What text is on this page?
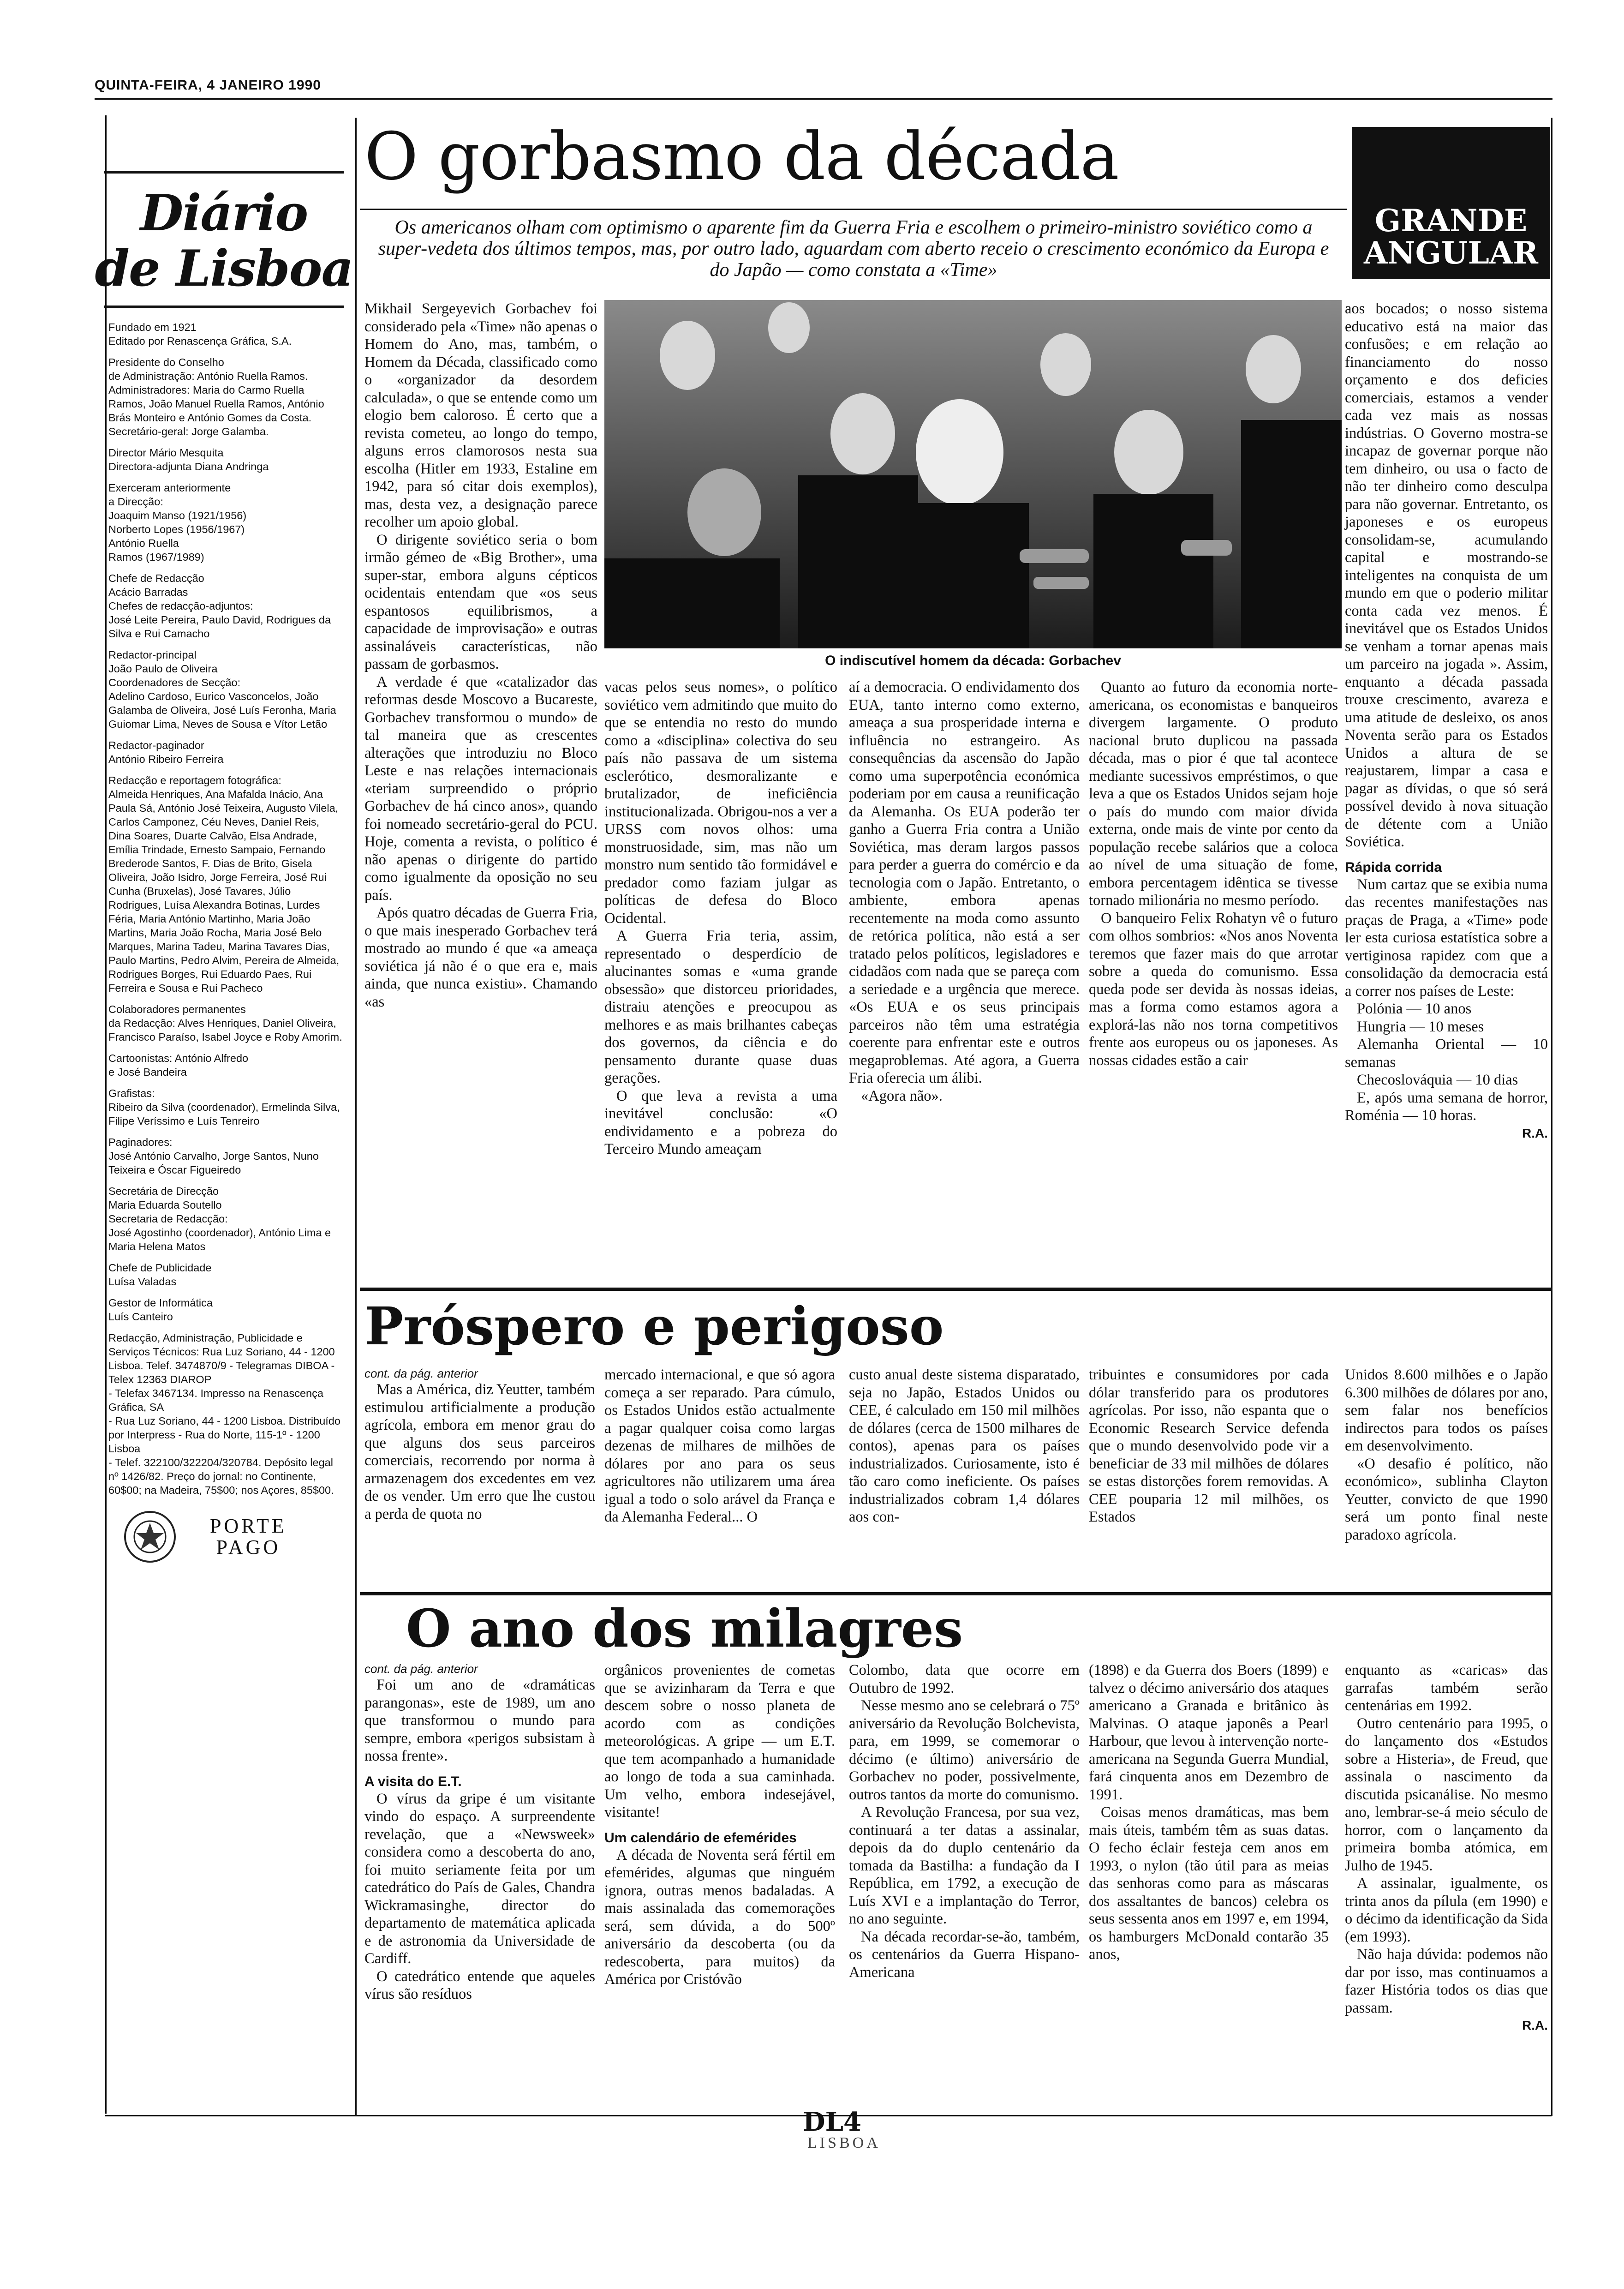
QUINTA-FEIRA, 4 JANEIRO 1990
Diário
de Lisboa

Fundado em 1921
Editado por Renascença Gráfica, S.A.

Presidente do Conselho
de Administração: António Ruella Ramos.
Administradores: Maria do Carmo Ruella Ramos, João Manuel Ruella Ramos, António Brás Monteiro e António Gomes da Costa.
Secretário-geral: Jorge Galamba.

Director Mário Mesquita
Directora-adjunta Diana Andringa

Exerceram anteriormente
a Direcção:
Joaquim Manso (1921/1956)
Norberto Lopes (1956/1967)
António Ruella
Ramos (1967/1989)

Chefe de Redacção
Acácio Barradas
Chefes de redacção-adjuntos:
José Leite Pereira, Paulo David, Rodrigues da Silva e Rui Camacho

Redactor-principal
João Paulo de Oliveira
Coordenadores de Secção:
Adelino Cardoso, Eurico Vasconcelos, João Galamba de Oliveira, José Luís Feronha, Maria Guiomar Lima, Neves de Sousa e Vítor Letão

Redactor-paginador
António Ribeiro Ferreira

Redacção e reportagem fotográfica:
Almeida Henriques, Ana Mafalda Inácio, Ana Paula Sá, António José Teixeira, Augusto Vilela, Carlos Camponez, Céu Neves, Daniel Reis, Dina Soares, Duarte Calvão, Elsa Andrade, Emília Trindade, Ernesto Sampaio, Fernando Brederode Santos, F. Dias de Brito, Gisela Oliveira, João Isidro, Jorge Ferreira, José Rui Cunha (Bruxelas), José Tavares, Júlio Rodrigues, Luísa Alexandra Botinas, Lurdes Féria, Maria António Martinho, Maria João Martins, Maria João Rocha, Maria José Belo Marques, Marina Tadeu, Marina Tavares Dias, Paulo Martins, Pedro Alvim, Pereira de Almeida, Rodrigues Borges, Rui Eduardo Paes, Rui Ferreira e Sousa e Rui Pacheco

Colaboradores permanentes
da Redacção: Alves Henriques, Daniel Oliveira, Francisco Paraíso, Isabel Joyce e Roby Amorim.

Cartoonistas: António Alfredo
e José Bandeira

Grafistas:
Ribeiro da Silva (coordenador), Ermelinda Silva, Filipe Veríssimo e Luís Tenreiro

Paginadores:
José António Carvalho, Jorge Santos, Nuno Teixeira e Óscar Figueiredo

Secretária de Direcção
Maria Eduarda Soutello
Secretaria de Redacção:
José Agostinho (coordenador), António Lima e Maria Helena Matos

Chefe de Publicidade
Luísa Valadas

Gestor de Informática
Luís Canteiro

Redacção, Administração, Publicidade e Serviços Técnicos: Rua Luz Soriano, 44 - 1200 Lisboa. Telef. 3474870/9 - Telegramas DIBOA - Telex 12363 DIAROP
- Telefax 3467134. Impresso na Renascença Gráfica, SA
- Rua Luz Soriano, 44 - 1200 Lisboa. Distribuído por Interpress - Rua do Norte, 115-1º - 1200 Lisboa
- Telef. 322100/322204/320784. Depósito legal nº 1426/82. Preço do jornal: no Continente, 60$00; na Madeira, 75$00; nos Açores, 85$00.

PORTE
PAGO
O gorbasmo da década
GRANDE
ANGULAR
Os americanos olham com optimismo o aparente fim da Guerra Fria e escolhem o primeiro-ministro soviético como a super-vedeta dos últimos tempos, mas, por outro lado, aguardam com aberto receio o crescimento económico da Europa e do Japão — como constata a «Time»

Mikhail Sergeyevich Gorbachev foi considerado pela «Time» não apenas o Homem do Ano, mas, também, o Homem da Década, classificado como o «organizador da desordem calculada», o que se entende como um elogio bem caloroso. É certo que a revista cometeu, ao longo do tempo, alguns erros clamorosos nesta sua escolha (Hitler em 1933, Estaline em 1942, para só citar dois exemplos), mas, desta vez, a designação parece recolher um apoio global.

O dirigente soviético seria o bom irmão gémeo de «Big Brother», uma super-star, embora alguns cépticos ocidentais entendam que «os seus espantosos equilibrismos, a capacidade de improvisação» e outras assinaláveis características, não passam de gorbasmos.

A verdade é que «catalizador das reformas desde Moscovo a Bucareste, Gorbachev transformou o mundo» de tal maneira que as crescentes alterações que introduziu no Bloco Leste e nas relações internacionais «teriam surpreendido o próprio Gorbachev de há cinco anos», quando foi nomeado secretário-geral do PCU. Hoje, comenta a revista, o político é não apenas o dirigente do partido como igualmente da oposição no seu país.

Após quatro décadas de Guerra Fria, o que mais inesperado Gorbachev terá mostrado ao mundo é que «a ameaça soviética já não é o que era e, mais ainda, que nunca existiu». Chamando «as

O indiscutível homem da década: Gorbachev

vacas pelos seus nomes», o político soviético vem admitindo que muito do que se entendia no resto do mundo como a «disciplina» colectiva do seu país não passava de um sistema esclerótico, desmoralizante e brutalizador, de ineficiência institucionalizada. Obrigou-nos a ver a URSS com novos olhos: uma monstruosidade, sim, mas não um monstro num sentido tão formidável e predador como faziam julgar as políticas de defesa do Bloco Ocidental.

A Guerra Fria teria, assim, representado o desperdício de alucinantes somas e «uma grande obsessão» que distorceu prioridades, distraiu atenções e preocupou as melhores e as mais brilhantes cabeças dos governos, da ciência e do pensamento durante quase duas gerações.

O que leva a revista a uma inevitável conclusão: «O endividamento e a pobreza do Terceiro Mundo ameaçam

aí a democracia. O endividamento dos EUA, tanto interno como externo, ameaça a sua prosperidade interna e influência no estrangeiro. As consequências da ascensão do Japão como uma superpotência económica poderiam por em causa a reunificação da Alemanha. Os EUA poderão ter ganho a Guerra Fria contra a União Soviética, mas deram largos passos para perder a guerra do comércio e da tecnologia com o Japão. Entretanto, o ambiente, embora apenas recentemente na moda como assunto de retórica política, não está a ser tratado pelos políticos, legisladores e cidadãos com nada que se pareça com a seriedade e a urgência que merece. «Os EUA e os seus principais parceiros não têm uma estratégia coerente para enfrentar este e outros megaproblemas. Até agora, a Guerra Fria oferecia um álibi.

«Agora não».

Quanto ao futuro da economia norte-americana, os economistas e banqueiros divergem largamente. O produto nacional bruto duplicou na passada década, mas o pior é que tal acontece mediante sucessivos empréstimos, o que leva a que os Estados Unidos sejam hoje o país do mundo com maior dívida externa, onde mais de vinte por cento da população recebe salários que a coloca ao nível de uma situação de fome, embora percentagem idêntica se tivesse tornado milionária no mesmo período.

O banqueiro Felix Rohatyn vê o futuro com olhos sombrios: «Nos anos Noventa teremos que fazer mais do que arrotar sobre a queda do comunismo. Essa queda pode ser devida às nossas ideias, mas a forma como estamos agora a explorá-las não nos torna competitivos frente aos europeus ou os japoneses. As nossas cidades estão a cair

aos bocados; o nosso sistema educativo está na maior das confusões; e em relação ao financiamento do nosso orçamento e dos deficies comerciais, estamos a vender cada vez mais as nossas indústrias. O Governo mostra-se incapaz de governar porque não tem dinheiro, ou usa o facto de não ter dinheiro como desculpa para não governar. Entretanto, os japoneses e os europeus consolidam-se, acumulando capital e mostrando-se inteligentes na conquista de um mundo em que o poderio militar conta cada vez menos. É inevitável que os Estados Unidos se venham a tornar apenas mais um parceiro na jogada ». Assim, enquanto a década passada trouxe crescimento, avareza e uma atitude de desleixo, os anos Noventa serão para os Estados Unidos a altura de se reajustarem, limpar a casa e pagar as dívidas, o que só será possível devido à nova situação de détente com a União Soviética.

Rápida corrida

Num cartaz que se exibia numa das recentes manifestações nas praças de Praga, a «Time» pode ler esta curiosa estatística sobre a vertiginosa rapidez com que a consolidação da democracia está a correr nos países de Leste:

Polónia — 10 anos

Hungria — 10 meses

Alemanha Oriental — 10 semanas

Checoslováquia — 10 dias

E, após uma semana de horror, Roménia — 10 horas.

R.A.

Próspero e perigoso

cont. da pág. anterior

Mas a América, diz Yeutter, também estimulou artificialmente a produção agrícola, embora em menor grau do que alguns dos seus parceiros comerciais, recorrendo por norma à armazenagem dos excedentes em vez de os vender. Um erro que lhe custou a perda de quota no

mercado internacional, e que só agora começa a ser reparado. Para cúmulo, os Estados Unidos estão actualmente a pagar qualquer coisa como largas dezenas de milhares de milhões de dólares por ano para os seus agricultores não utilizarem uma área igual a todo o solo arável da França e da Alemanha Federal... O

custo anual deste sistema disparatado, seja no Japão, Estados Unidos ou CEE, é calculado em 150 mil milhões de dólares (cerca de 1500 milhares de contos), apenas para os países industrializados. Curiosamente, isto é tão caro como ineficiente. Os países industrializados cobram 1,4 dólares aos con-

tribuintes e consumidores por cada dólar transferido para os produtores agrícolas. Por isso, não espanta que o Economic Research Service defenda que o mundo desenvolvido pode vir a beneficiar de 33 mil milhões de dólares se estas distorções forem removidas. A CEE pouparia 12 mil milhões, os Estados

Unidos 8.600 milhões e o Japão 6.300 milhões de dólares por ano, sem falar nos benefícios indirectos para todos os países em desenvolvimento.

«O desafio é político, não económico», sublinha Clayton Yeutter, convicto de que 1990 será um ponto final neste paradoxo agrícola.

O ano dos milagres

cont. da pág. anterior

Foi um ano de «dramáticas parangonas», este de 1989, um ano que transformou o mundo para sempre, embora «perigos subsistam à nossa frente».

A visita do E.T.

O vírus da gripe é um visitante vindo do espaço. A surpreendente revelação, que a «Newsweek» considera como a descoberta do ano, foi muito seriamente feita por um catedrático do País de Gales, Chandra Wickramasinghe, director do departamento de matemática aplicada e de astronomia da Universidade de Cardiff.

O catedrático entende que aqueles vírus são resíduos

orgânicos provenientes de cometas que se avizinharam da Terra e que descem sobre o nosso planeta de acordo com as condições meteorológicas. A gripe — um E.T. que tem acompanhado a humanidade ao longo de toda a sua caminhada. Um velho, embora indesejável, visitante!

Um calendário de efemérides

A década de Noventa será fértil em efemérides, algumas que ninguém ignora, outras menos badaladas. A mais assinalada das comemorações será, sem dúvida, a do 500º aniversário da descoberta (ou da redescoberta, para muitos) da América por Cristóvão

Colombo, data que ocorre em Outubro de 1992.

Nesse mesmo ano se celebrará o 75º aniversário da Revolução Bolchevista, para, em 1999, se comemorar o décimo (e último) aniversário de Gorbachev no poder, possivelmente, outros tantos da morte do comunismo.

A Revolução Francesa, por sua vez, continuará a ter datas a assinalar, depois da do duplo centenário da tomada da Bastilha: a fundação da I República, em 1792, a execução de Luís XVI e a implantação do Terror, no ano seguinte.

Na década recordar-se-ão, também, os centenários da Guerra Hispano-Americana

(1898) e da Guerra dos Boers (1899) e talvez o décimo aniversário dos ataques americano a Granada e britânico às Malvinas. O ataque japonês a Pearl Harbour, que levou à intervenção norte-americana na Segunda Guerra Mundial, fará cinquenta anos em Dezembro de 1991.

Coisas menos dramáticas, mas bem mais úteis, também têm as suas datas. O fecho éclair festeja cem anos em 1993, o nylon (tão útil para as meias das senhoras como para as máscaras dos assaltantes de bancos) celebra os seus sessenta anos em 1997 e, em 1994, os hamburgers McDonald contarão 35 anos,

enquanto as «caricas» das garrafas também serão centenárias em 1992.

Outro centenário para 1995, o do lançamento dos «Estudos sobre a Histeria», de Freud, que assinala o nascimento da discutida psicanálise. No mesmo ano, lembrar-se-á meio século de horror, com o lançamento da primeira bomba atómica, em Julho de 1945.

A assinalar, igualmente, os trinta anos da pílula (em 1990) e o décimo da identificação da Sida (em 1993).

Não haja dúvida: podemos não dar por isso, mas continuamos a fazer História todos os dias que passam.

R.A.

DL4
LISBOA
